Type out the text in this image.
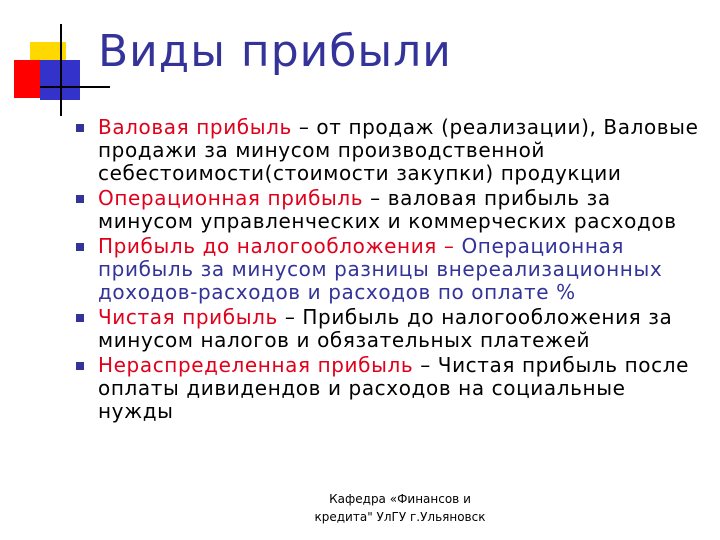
Виды прибыли
Валовая прибыль – от продаж (реализации), Валовые продажи за минусом производственной себестоимости(стоимости закупки) продукции
Операционная прибыль – валовая прибыль за минусом управленческих и коммерческих расходов
Прибыль до налогообложения – Операционная прибыль за минусом разницы внереализационных доходов-расходов и расходов по оплате %
Чистая прибыль – Прибыль до налогообложения за минусом налогов и обязательных платежей
Нераспределенная прибыль – Чистая прибыль после оплаты дивидендов и расходов на социальные нужды
Кафедра «Финансов и
кредита" УлГУ г.Ульяновск
